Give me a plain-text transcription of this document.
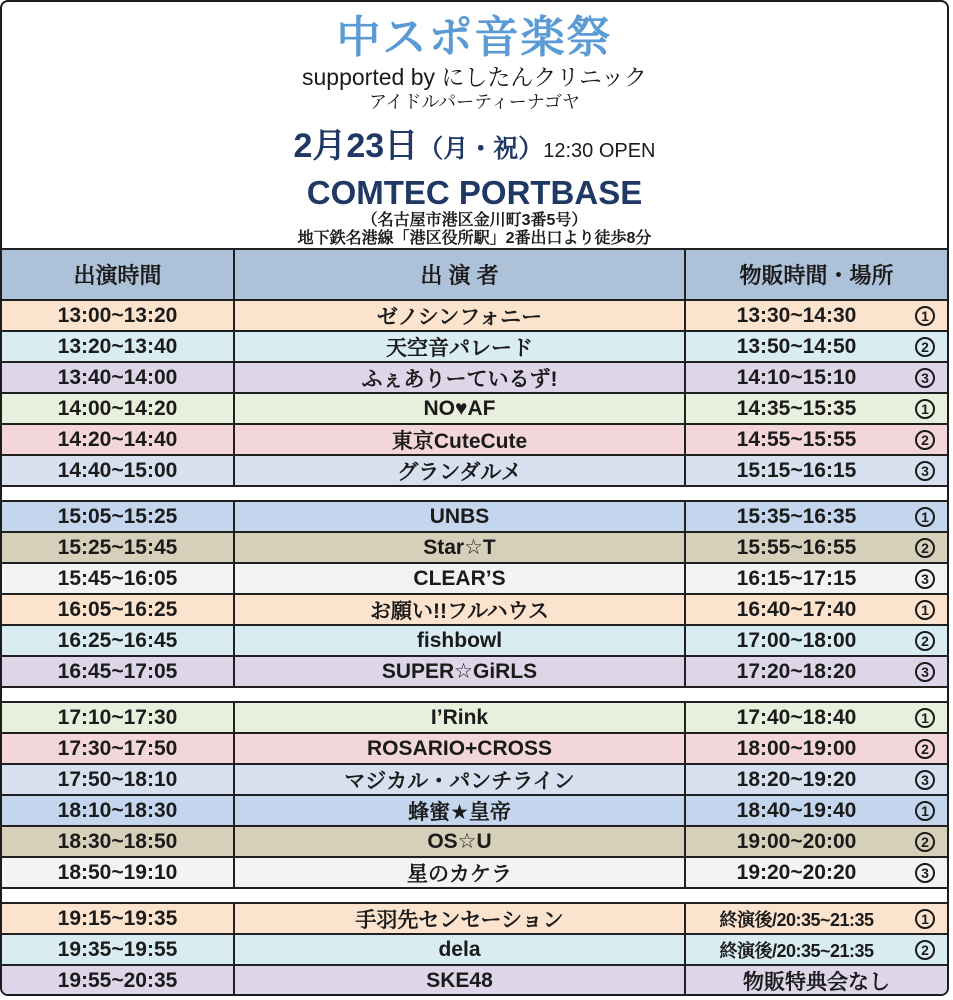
中スポ音楽祭
supported by にしたんクリニック
アイドルパーティーナゴヤ
2月23日（月・祝）12:30 OPEN
COMTEC PORTBASE
（名古屋市港区金川町3番5号）
地下鉄名港線「港区役所駅」2番出口より徒歩8分
出演時間	出 演 者	物販時間・場所
13:00~13:20	ゼノシンフォニー	13:30~14:30	1
13:20~13:40	天空音パレード	13:50~14:50	2
13:40~14:00	ふぇありーているず!	14:10~15:10	3
14:00~14:20	NO♥AF	14:35~15:35	1
14:20~14:40	東京CuteCute	14:55~15:55	2
14:40~15:00	グランダルメ	15:15~16:15	3
15:05~15:25	UNBS	15:35~16:35	1
15:25~15:45	Star☆T	15:55~16:55	2
15:45~16:05	CLEAR’S	16:15~17:15	3
16:05~16:25	お願い!!フルハウス	16:40~17:40	1
16:25~16:45	fishbowl	17:00~18:00	2
16:45~17:05	SUPER☆GiRLS	17:20~18:20	3
17:10~17:30	I’Rink	17:40~18:40	1
17:30~17:50	ROSARIO+CROSS	18:00~19:00	2
17:50~18:10	マジカル・パンチライン	18:20~19:20	3
18:10~18:30	蜂蜜★皇帝	18:40~19:40	1
18:30~18:50	OS☆U	19:00~20:00	2
18:50~19:10	星のカケラ	19:20~20:20	3
19:15~19:35	手羽先センセーション	終演後/20:35~21:35	1
19:35~19:55	dela	終演後/20:35~21:35	2
19:55~20:35	SKE48	物販特典会なし
